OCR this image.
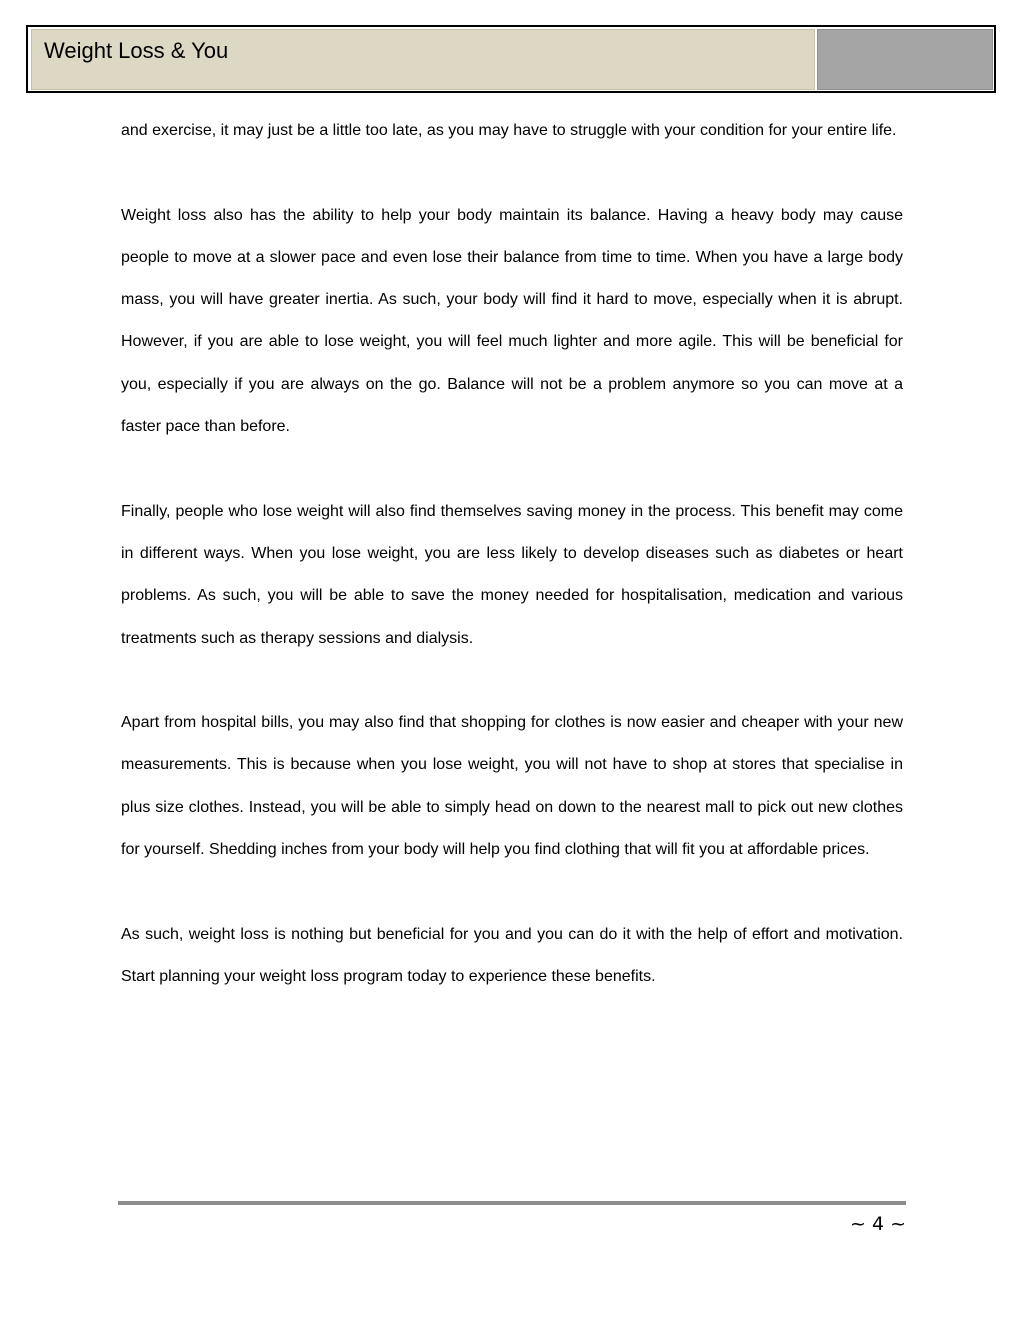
Weight Loss & You

and exercise, it may just be a little too late, as you may have to struggle with your condition for your entire life.

Weight loss also has the ability to help your body maintain its balance. Having a heavy body may cause people to move at a slower pace and even lose their balance from time to time. When you have a large body mass, you will have greater inertia. As such, your body will find it hard to move, especially when it is abrupt. However, if you are able to lose weight, you will feel much lighter and more agile. This will be beneficial for you, especially if you are always on the go. Balance will not be a problem anymore so you can move at a faster pace than before.

Finally, people who lose weight will also find themselves saving money in the process. This benefit may come in different ways. When you lose weight, you are less likely to develop diseases such as diabetes or heart problems. As such, you will be able to save the money needed for hospitalisation, medication and various treatments such as therapy sessions and dialysis.

Apart from hospital bills, you may also find that shopping for clothes is now easier and cheaper with your new measurements. This is because when you lose weight, you will not have to shop at stores that specialise in plus size clothes. Instead, you will be able to simply head on down to the nearest mall to pick out new clothes for yourself. Shedding inches from your body will help you find clothing that will fit you at affordable prices.

As such, weight loss is nothing but beneficial for you and you can do it with the help of effort and motivation. Start planning your weight loss program today to experience these benefits.

~ 4 ~
